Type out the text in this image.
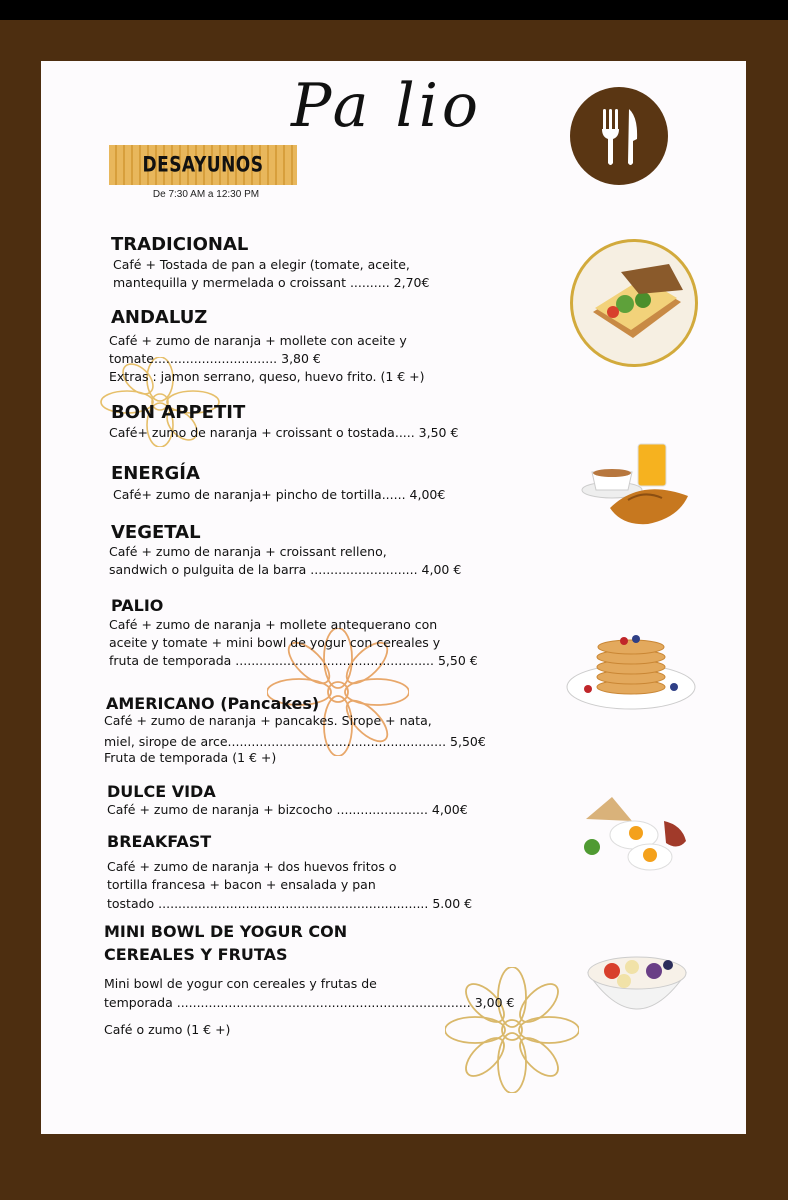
Pa lio
DESAYUNOS
De 7:30 AM a 12:30 PM
TRADICIONAL
Café + Tostada de pan a elegir (tomate, aceite,
mantequilla y mermelada o croissant .......... 2,70€
ANDALUZ
Café + zumo de naranja + mollete con aceite y
tomate............................... 3,80 €
Extras : jamon serrano, queso, huevo frito. (1 € +)
BON APPETIT
Café+ zumo de naranja + croissant o tostada..... 3,50 €
ENERGÍA
Café+ zumo de naranja+ pincho de tortilla...... 4,00€
VEGETAL
Café + zumo de naranja + croissant relleno,
sandwich o pulguita de la barra ........................... 4,00 €
PALIO
Café + zumo de naranja + mollete antequerano con
aceite y tomate + mini bowl de yogur con cereales y
fruta de temporada .................................................. 5,50 €
AMERICANO (Pancakes)
Café + zumo de naranja + pancakes. Sirope + nata,
miel, sirope de arce....................................................... 5,50€
Fruta de temporada (1 € +)
DULCE VIDA
Café + zumo de naranja + bizcocho ....................... 4,00€
BREAKFAST
Café + zumo de naranja + dos huevos fritos o
tortilla francesa + bacon + ensalada y pan
tostado .................................................................... 5.00 €
MINI BOWL DE YOGUR CON
CEREALES Y FRUTAS
Mini bowl de yogur con cereales y frutas de
temporada .......................................................................... 3,00 €
Café o zumo (1 € +)
